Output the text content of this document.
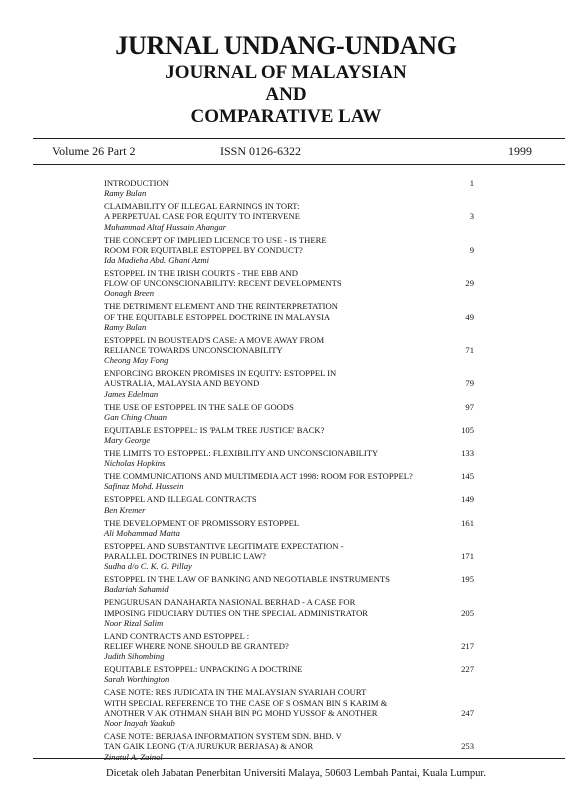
JURNAL UNDANG-UNDANG
JOURNAL OF MALAYSIAN
AND
COMPARATIVE LAW
Volume 26 Part 2	ISSN 0126-6322	1999
INTRODUCTION
Ramy Bulan
1
CLAIMABILITY OF ILLEGAL EARNINGS IN TORT:
A PERPETUAL CASE FOR EQUITY TO INTERVENE
Muhammad Altaf Hussain Ahangar
3
THE CONCEPT OF IMPLIED LICENCE TO USE - IS THERE
ROOM FOR EQUITABLE ESTOPPEL BY CONDUCT?
Ida Madieha Abd. Ghani Azmi
9
ESTOPPEL IN THE IRISH COURTS - THE EBB AND
FLOW OF UNCONSCIONABILITY: RECENT DEVELOPMENTS
Oonagh Breen
29
THE DETRIMENT ELEMENT AND THE REINTERPRETATION
OF THE EQUITABLE ESTOPPEL DOCTRINE IN MALAYSIA
Ramy Bulan
49
ESTOPPEL IN BOUSTEAD'S CASE: A MOVE AWAY FROM
RELIANCE TOWARDS UNCONSCIONABILITY
Cheong May Fong
71
ENFORCING BROKEN PROMISES IN EQUITY: ESTOPPEL IN
AUSTRALIA, MALAYSIA AND BEYOND
James Edelman
79
THE USE OF ESTOPPEL IN THE SALE OF GOODS
Gan Ching Chuan
97
EQUITABLE ESTOPPEL: IS 'PALM TREE JUSTICE' BACK?
Mary George
105
THE LIMITS TO ESTOPPEL: FLEXIBILITY AND UNCONSCIONABILITY
Nicholas Hopkins
133
THE COMMUNICATIONS AND MULTIMEDIA ACT 1998: ROOM FOR ESTOPPEL?
Safinaz Mohd. Hussein
145
ESTOPPEL AND ILLEGAL CONTRACTS
Ben Kremer
149
THE DEVELOPMENT OF PROMISSORY ESTOPPEL
Ali Mohammad Matta
161
ESTOPPEL AND SUBSTANTIVE LEGITIMATE EXPECTATION -
PARALLEL DOCTRINES IN PUBLIC LAW?
Sudha d/o C. K. G. Pillay
171
ESTOPPEL IN THE LAW OF BANKING AND NEGOTIABLE INSTRUMENTS
Badariah Sahamid
195
PENGURUSAN DANAHARTA NASIONAL BERHAD - A CASE FOR
IMPOSING FIDUCIARY DUTIES ON THE SPECIAL ADMINISTRATOR
Noor Rizal Salim
205
LAND CONTRACTS AND ESTOPPEL :
RELIEF WHERE NONE SHOULD BE GRANTED?
Judith Sihombing
217
EQUITABLE ESTOPPEL: UNPACKING A DOCTRINE
Sarah Worthington
227
CASE NOTE: RES JUDICATA IN THE MALAYSIAN SYARIAH COURT
WITH SPECIAL REFERENCE TO THE CASE OF S OSMAN BIN S KARIM &
ANOTHER V AK OTHMAN SHAH BIN PG MOHD YUSSOF & ANOTHER
Noor Inayah Yaakub
247
CASE NOTE: BERJASA INFORMATION SYSTEM SDN. BHD. V
TAN GAIK LEONG (T/A JURUKUR BERJASA) & ANOR
Zinatul A. Zainol
253
Dicetak oleh Jabatan Penerbitan Universiti Malaya, 50603 Lembah Pantai, Kuala Lumpur.
